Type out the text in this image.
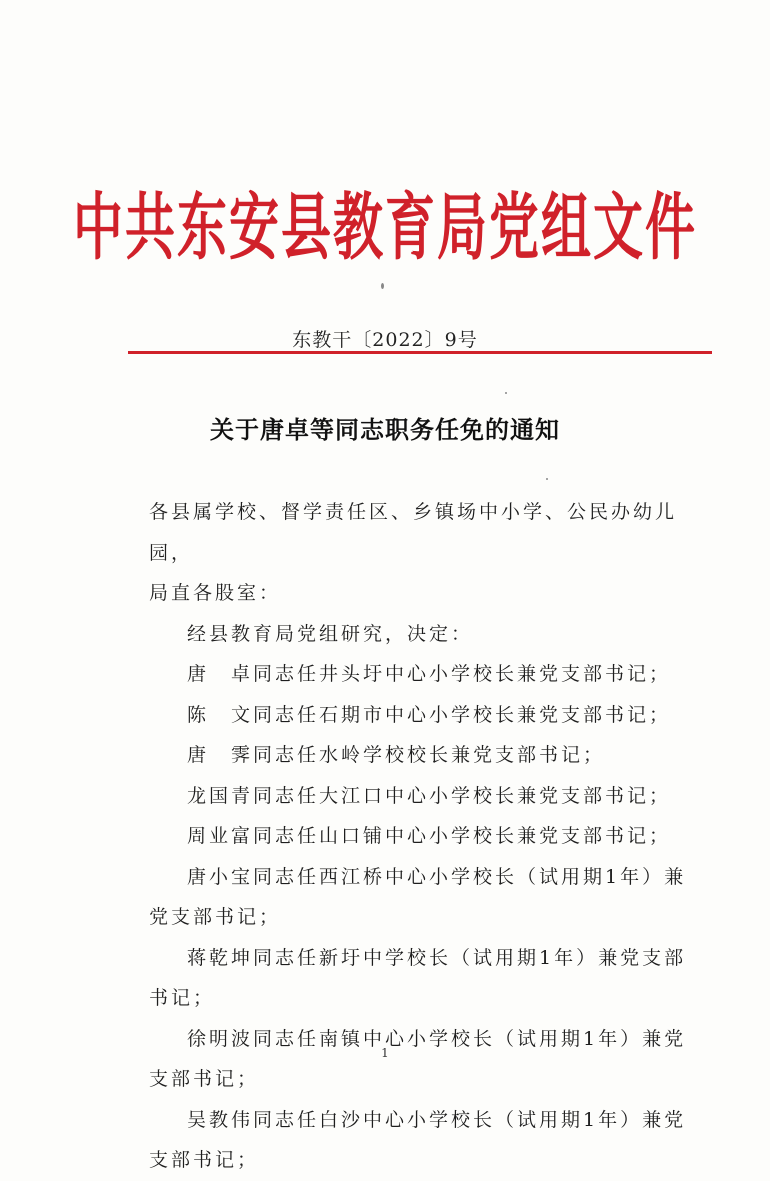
中共东安县教育局党组文件
东教干〔2022〕9号
关于唐卓等同志职务任免的通知

各县属学校、督学责任区、乡镇场中小学、公民办幼儿园，

局直各股室：

经县教育局党组研究，决定：

唐　卓同志任井头圩中心小学校长兼党支部书记；

陈　文同志任石期市中心小学校长兼党支部书记；

唐　霁同志任水岭学校校长兼党支部书记；

龙国青同志任大江口中心小学校长兼党支部书记；

周业富同志任山口铺中心小学校长兼党支部书记；

唐小宝同志任西江桥中心小学校长（试用期1年）兼党支部书记；

蒋乾坤同志任新圩中学校长（试用期1年）兼党支部书记；

徐明波同志任南镇中心小学校长（试用期1年）兼党支部书记；

吴教伟同志任白沙中心小学校长（试用期1年）兼党支部书记；

1
